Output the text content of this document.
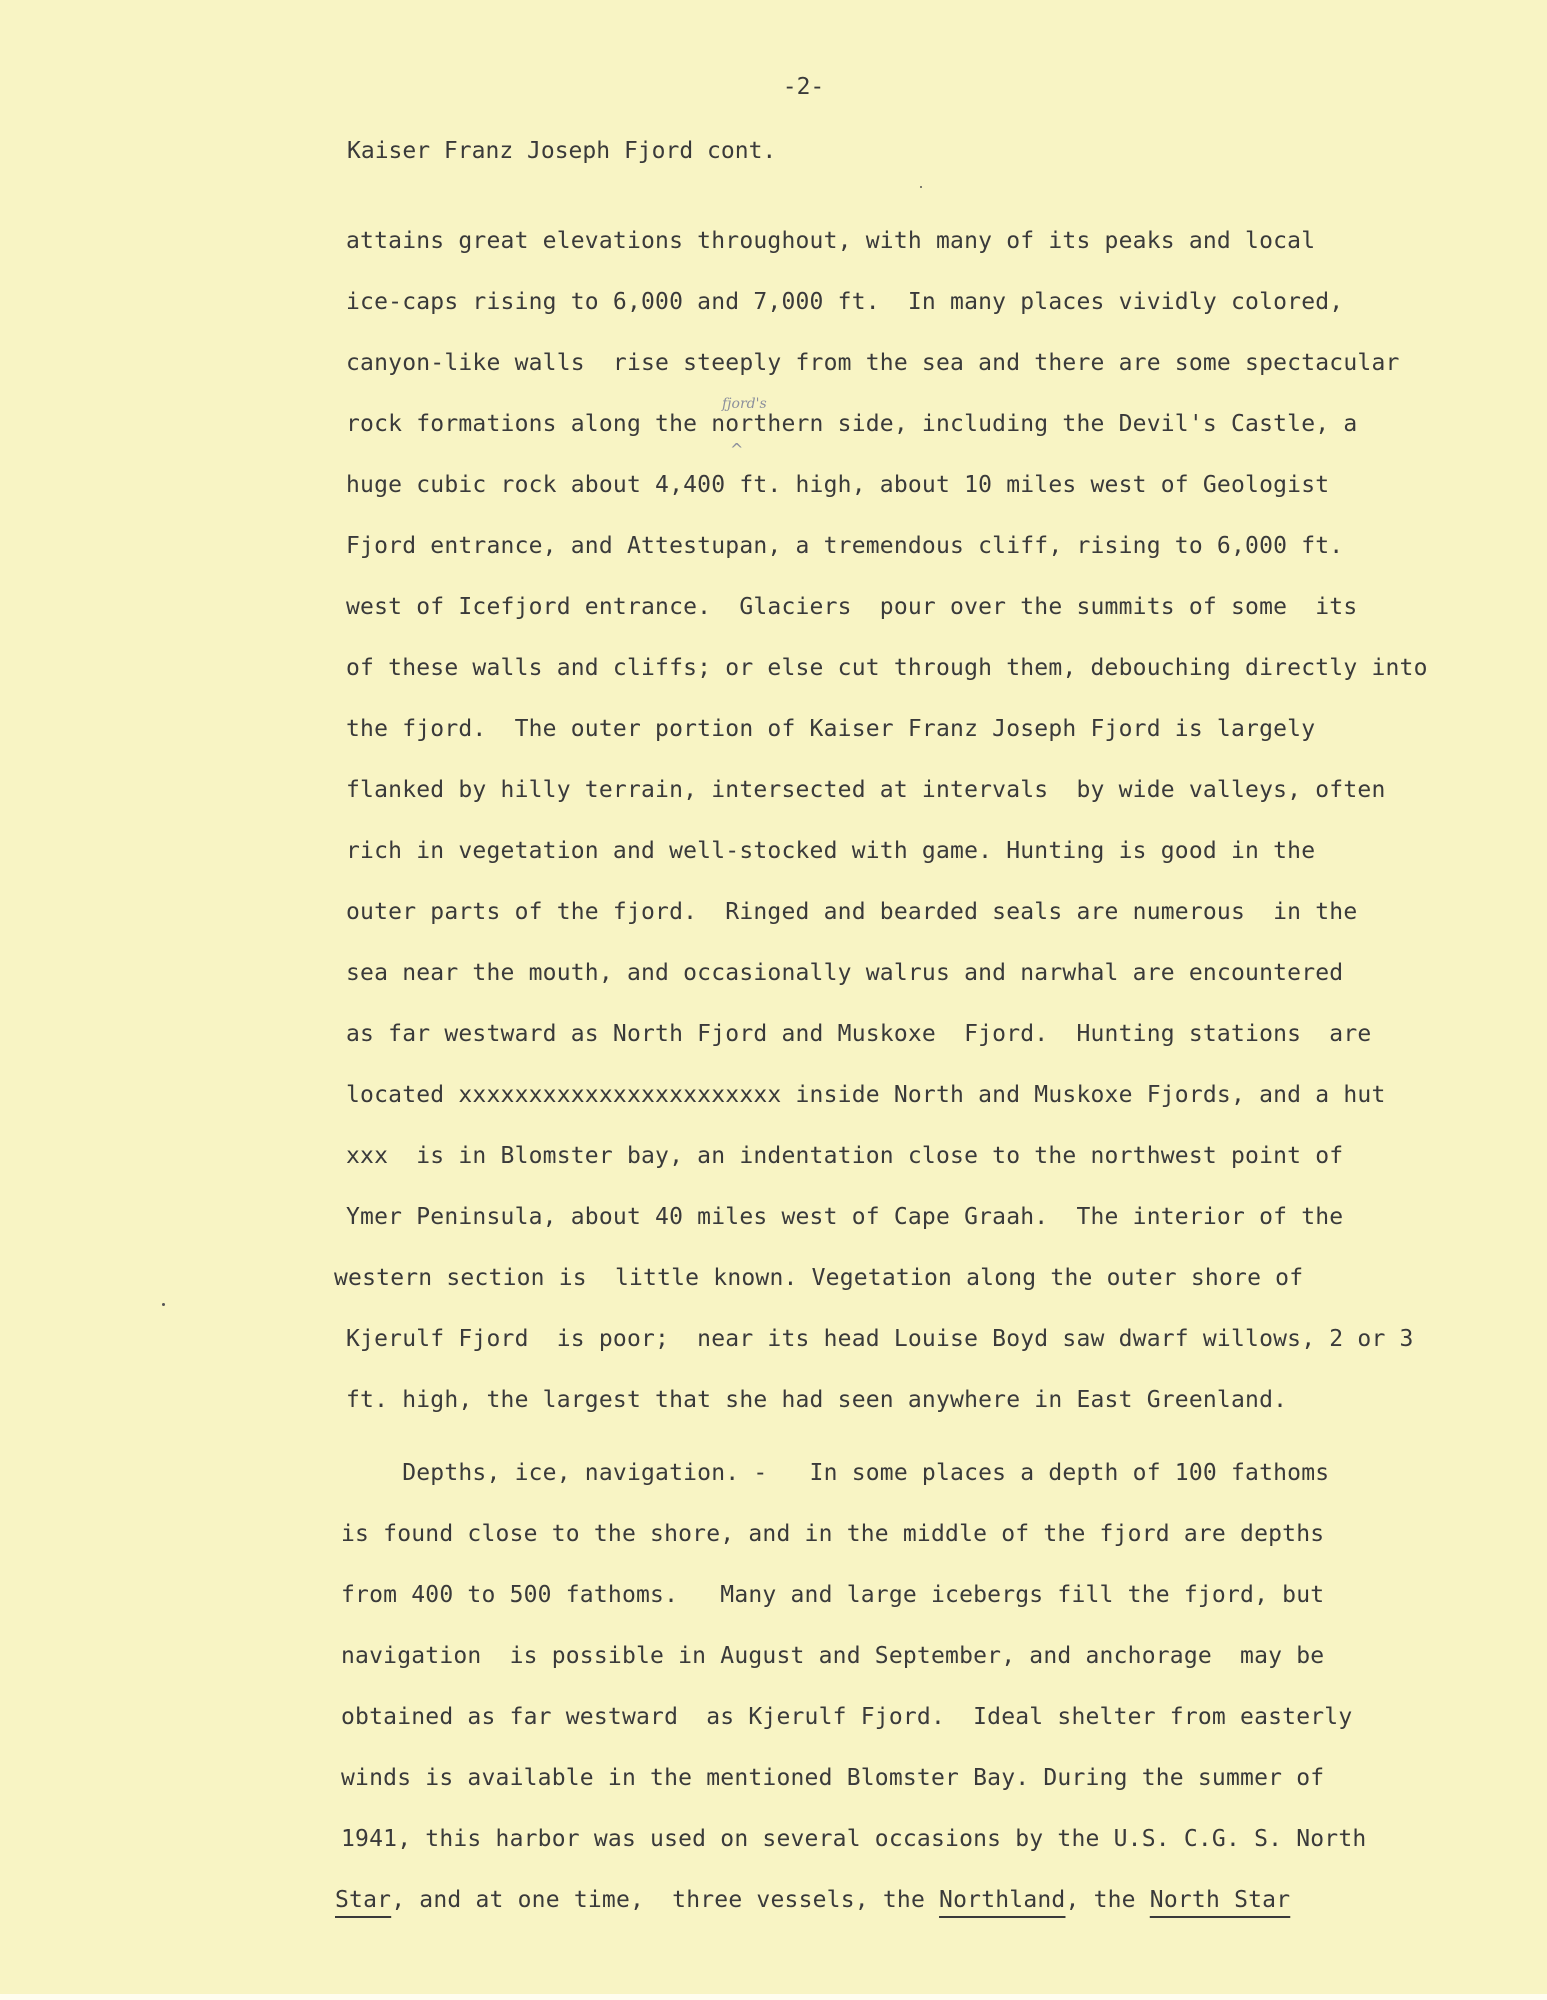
-2-
Kaiser Franz Joseph Fjord cont.
fjord's
^
attains great elevations throughout, with many of its peaks and local
ice-caps rising to 6,000 and 7,000 ft.  In many places vividly colored,
canyon-like walls  rise steeply from the sea and there are some spectacular
rock formations along the northern side, including the Devil's Castle, a
huge cubic rock about 4,400 ft. high, about 10 miles west of Geologist
Fjord entrance, and Attestupan, a tremendous cliff, rising to 6,000 ft.
west of Icefjord entrance.  Glaciers  pour over the summits of some  its
of these walls and cliffs; or else cut through them, debouching directly into
the fjord.  The outer portion of Kaiser Franz Joseph Fjord is largely
flanked by hilly terrain, intersected at intervals  by wide valleys, often
rich in vegetation and well-stocked with game. Hunting is good in the
outer parts of the fjord.  Ringed and bearded seals are numerous  in the
sea near the mouth, and occasionally walrus and narwhal are encountered
as far westward as North Fjord and Muskoxe  Fjord.  Hunting stations  are
located xxxxxxxxxxxxxxxxxxxxxxx inside North and Muskoxe Fjords, and a hut
xxx  is in Blomster bay, an indentation close to the northwest point of
Ymer Peninsula, about 40 miles west of Cape Graah.  The interior of the
western section is  little known. Vegetation along the outer shore of
Kjerulf Fjord  is poor;  near its head Louise Boyd saw dwarf willows, 2 or 3
ft. high, the largest that she had seen anywhere in East Greenland.
Depths, ice, navigation. -   In some places a depth of 100 fathoms
is found close to the shore, and in the middle of the fjord are depths
from 400 to 500 fathoms.   Many and large icebergs fill the fjord, but
navigation  is possible in August and September, and anchorage  may be
obtained as far westward  as Kjerulf Fjord.  Ideal shelter from easterly
winds is available in the mentioned Blomster Bay. During the summer of
1941, this harbor was used on several occasions by the U.S. C.G. S. North
Star, and at one time,  three vessels, the Northland, the North Star
